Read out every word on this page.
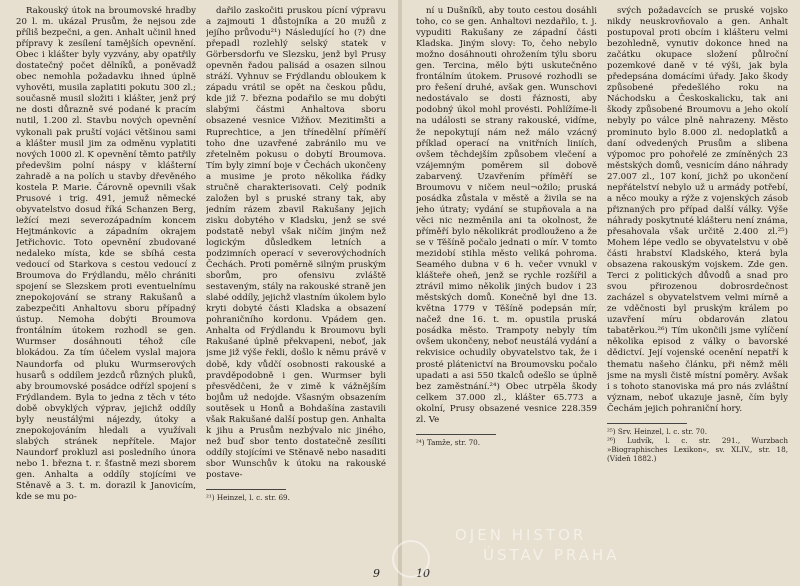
Rakouský útok na broumovské hradby 20 l. m. ukázal Prusům, že nejsou zde příliš bezpečni, a gen. Anhalt učinil hned přípravy k zesílení tamějších opevnění. Obec i klášter byly vyzvány, aby opatřily dostatečný počet dělníků, a poněvadž obec nemohla požadavku ihned úplně vyhověti, musila zaplatiti pokutu 300 zl.; současně musil složiti i klášter, jenž prý ne dosti důrazně své podané k pracím nutil, 1.200 zl. Stavbu nových opevnění vykonali pak pruští vojáci většinou sami a klášter musil jim za odměnu vyplatiti nových 1000 zl. K opevnění těmto patřily předevšim polní náspy v klášterní zahradě a na polích u stavby dřevěného kostela P. Marie. Čárovně opevnili však Prusové i trig. 491, jemuž německé obyvatelstvo dosud říká Schanzen Berg, ležící mezi severozápadním koncem Hejtmánkovic a západním okrajem Jetřichovic. Toto opevnění zbudované nedaleko místa, kde se sbíhá cesta vedoucí od Starkova s cestou vedoucí z Broumova do Frýdlandu, mělo chrániti spojení se Slezskem proti eventuelnímu znepokojování se strany Rakušanů a zabezpečiti Anhaltovu sboru případný ústup. Nemoha dobýti Broumova frontálním útokem rozhodl se gen. Wurmser dosáhnouti téhož cíle blokádou. Za tím účelem vyslal majora Naundorfa od pluku Wurmserových husarů s oddílem jezdců různých pluků, aby broumovské posádce odřízl spojení s Frýdlandem. Byla to jedna z těch v této době obvyklých výprav, jejichž oddíly byly neustálými nájezdy, útoky a znepokojováním hledali a využívali slabých stránek nepřítele. Major Naundorf prokluzl asi posledního února nebo 1. března t. r. šťastně mezi sborem gen. Anhalta a oddíly stojícími ve Stěnavě a 3. t. m. dorazil k Janovicím, kde se mu po-

dařilo zaskočiti pruskou pícní výpravu a zajmouti 1 důstojníka a 20 mužů z jejího průvodu²¹) Následující ho (?) dne přepadl rozlehlý selský statek v Görbersdorfu ve Slezsku, jenž byl Prusy opevněn řadou palisád a osazen silnou stráží. Vyhnuv se Frýdlandu obloukem k západu vrátil se opět na českou půdu, kde již 7. března podařilo se mu dobýti slabými částmi Anhaltova sboru obsazené vesnice Vižňov. Mezitimšti a Ruprechtice, a jen třínedělní příměří toho dne uzavřené zabránilo mu ve zřetelněm pokusu o dobytí Broumova. Tím byly zimní boje v Čechách ukončeny a musime je proto několika řádky stručně charakterisovati. Celý podnik založen byl s pruské strany tak, aby jedním rázem zbavil Rakušany jejich zisku dobytého v Kladsku, jenž se své podstatě nebyl však ničím jiným než logickým důsledkem letních a podzimních operací v severovýchodních Čechách. Proti poměrně silným pruským sborům, pro ofensivu zvláště sestaveným, stály na rakouské straně jen slabé oddíly, jejichž vlastním úkolem bylo kryti dobyté části Kladska a obsazení pohraničního kordonu. Vpádem gen. Anhalta od Frýdlandu k Broumovu byli Rakušané úplně překvapeni, neboť, jak jsme již výše řekli, došlo k němu právě v době, kdy vůdčí osobnosti rakouské a pravděpodobně i gen. Wurmser byli přesvědčeni, že v zimě k vážnějším bojům už nedojde. Všasným obsazením soutěsek u Honů a Bohdašína zastavili však Rakušané další postup gen. Anhalta k jihu a Prusům nezbývalo nic jiného, než buď sbor tento dostatečně zesíliti oddíly stojícími ve Stěnavě nebo nasaditi sbor Wunschův k útoku na rakouské postave-

²¹) Heinzel, l. c. str. 69.
9

ní u Dušníků, aby touto cestou dosáhli toho, co se gen. Anhaltovi nezdařilo, t. j. vypuditi Rakušany ze západní části Kladska. Jiným slovy: To, čeho nebylo možno dosáhnouti ohrožením týlu sboru gen. Tercina, mělo býti uskutečněno frontálním útokem. Prusové rozhodli se pro řešení druhé, avšak gen. Wunschovi nedostávalo se dosti řáznosti, aby podobný úkol mohl provésti. Pohlížíme-li na události se strany rakouské, vidíme, že nepokytují nám než málo vzácný příklad operací na vnitřních liniích, ovšem těchdejším způsobem vlečení a vzájemným poměrem sil dobově zabarvený. Uzavřením příměří se Broumovu v ničem neul¬ožilo; pruská posádka zůstala v městě a živila se na jeho útraty; vydání se stupňovala a na věci nic nezměnila ani ta okolnost, že příměří bylo několikrát prodlouženo a že se v Těšíně počalo jednati o mír. V tomto mezidobí stihla město veliká pohroma. Seamého dubna v 6 h. večer vvnukl v klášteře oheň, jenž se rychle rozšířil a ztrávil mimo několik jiných budov i 23 městských domů. Konečně byl dne 13. května 1779 v Těšíně podepsán mír, načež dne 16. t. m. opustila pruská posádka město. Trampoty nebyly tím ovšem ukončeny, neboť neustálá vydání a rekvisice ochudily obyvatelstvo tak, že i prosté plátenictví na Broumovsku počalo upadati a asi 550 tkalců odešlo se úplně bez zaměstnání.²⁴) Obec utrpěla škody celkem 37.000 zl., klášter 65.773 a okolní, Prusy obsazené vesnice 228.359 zl. Ve

²⁴) Tamže, str. 70.

svých požadavcích se pruské vojsko nikdy neuskrovňovalo a gen. Anhalt postupoval proti obcím i klášteru velmi bezohledně, vynutiv dokonce hned na začátku okupace složení půlroční pozemkové daně v té výši, jak byla předepsána domácími úřady. Jako škody způsobené předešlého roku na Náchodsku a Českoskalicku, tak ani škody způsobené Broumovu a jeho okolí nebyly po válce plně nahrazeny. Město prominuto bylo 8.000 zl. nedoplatků a daní odvedených Prusům a slibena výpomoc pro pohořelé ze zmíněných 23 městských domů, vesnicím dáno náhrady 27.007 zl., 107 koní, jichž po ukončení nepřátelství nebylo už u armády potřebí, a něco mouky a rýže z vojenských zásob přiznaných pro případ další války. Výše náhrady poskytnuté klášteru není známa, přesahovala však určitě 2.400 zl.²⁵) Mohem lépe vedlo se obyvatelstvu v obě části hrabství Kladského, která byla obsazena rakouským vojskem. Zde gen. Terci z politických důvodů a snad pro svou přirozenou dobrosrdečnost zacházel s obyvatelstvem velmi mírně a ze vděčnosti byl pruským králem po uzavření míru obdarován zlatou tabatěrkou.²⁶) Tím ukončili jsme vylíčení několika episod z války o bavorské dědictví. Její vojenské ocenění nepatří k thematu našeho článku, při němž měli jsme na mysli čistě místní poměry. Avšak i s tohoto stanoviska má pro nás zvláštní význam, neboť ukazuje jasně, čím byly Čechám jejich pohraniční hory.

²⁵) Srv. Heinzel, l. c. str. 70.
²⁶) Ludvík, l. c. str. 291., Wurzbach »Biographisches Lexikon«, sv. XLIV., str. 18, (Vídeň 1882.)
10
OJEN HISTOR
ÚSTAV PRAHA
